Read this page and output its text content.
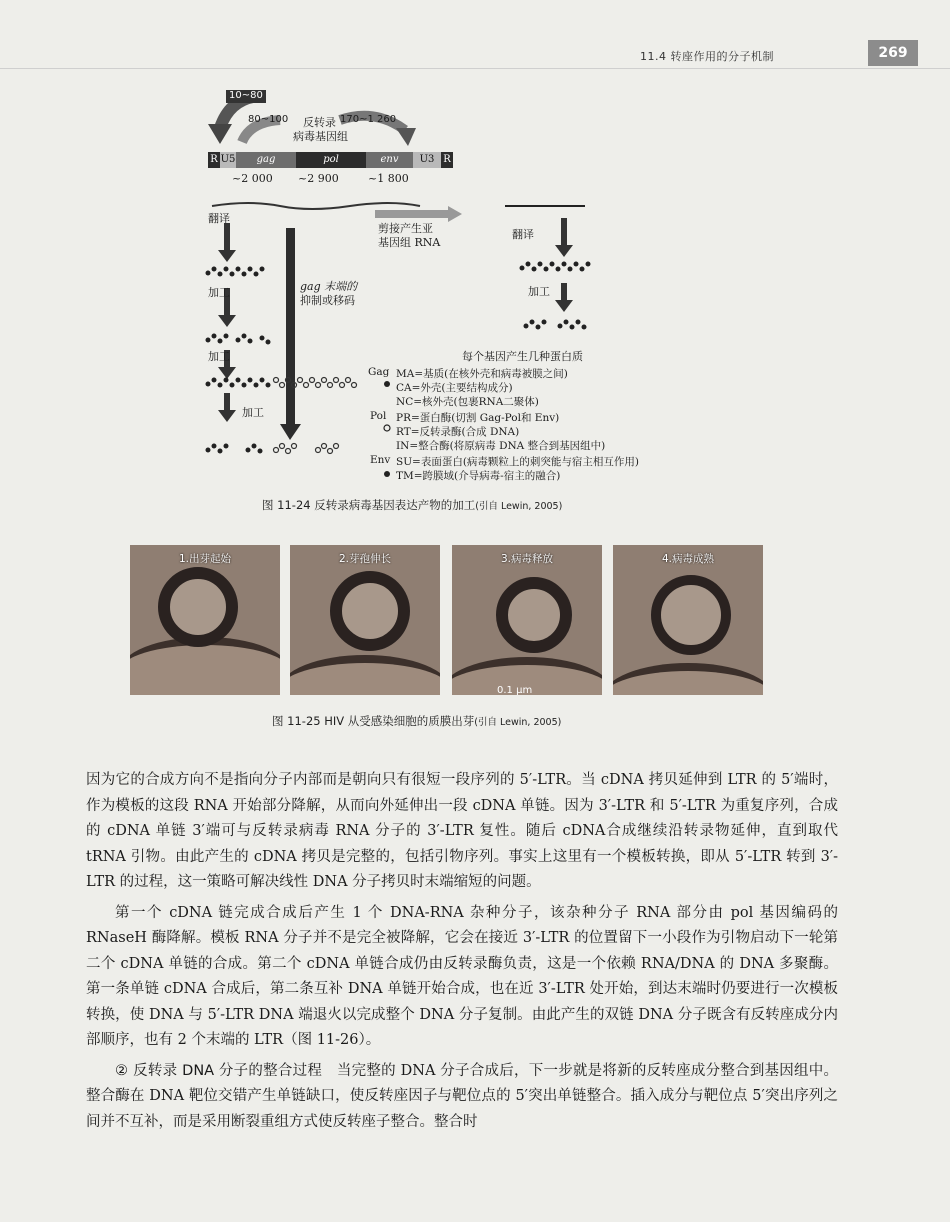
11.4 转座作用的分子机制	269
10~80
80~100	170~1 260
反转录
病毒基因组
R U5	gag	pol	env	U3 R
~2 000 ~2 900	~1 800
翻译
剪接产生亚
基因组 RNA
翻译
加工	gag 末端的
抑制或移码
加工
加工
加工
每个基因产生几种蛋白质
Gag MA=基质(在核外壳和病毒被膜之间)
CA=外壳(主要结构成分)
NC=核外壳(包裹RNA二聚体)
Pol PR=蛋白酶(切割 Gag-Pol和 Env)
RT=反转录酶(合成 DNA)
IN=整合酶(将原病毒 DNA 整合到基因组中)
Env SU=表面蛋白(病毒颗粒上的刺突能与宿主相互作用)
TM=跨膜域(介导病毒-宿主的融合)
图 11-24 反转录病毒基因表达产物的加工(引自 Lewin, 2005)
1.出芽起始	2.芽孢伸长	3.病毒释放	4.病毒成熟
0.1 μm
图 11-25 HIV 从受感染细胞的质膜出芽(引自 Lewin, 2005)

因为它的合成方向不是指向分子内部而是朝向只有很短一段序列的 5′-LTR。当 cDNA 拷贝延伸到 LTR 的 5′端时，作为模板的这段 RNA 开始部分降解，从而向外延伸出一段 cDNA 单链。因为 3′-LTR 和 5′-LTR 为重复序列，合成的 cDNA 单链 3′端可与反转录病毒 RNA 分子的 3′-LTR 复性。随后 cDNA合成继续沿转录物延伸，直到取代 tRNA 引物。由此产生的 cDNA 拷贝是完整的，包括引物序列。事实上这里有一个模板转换，即从 5′-LTR 转到 3′-LTR 的过程，这一策略可解决线性 DNA 分子拷贝时末端缩短的问题。

第一个 cDNA 链完成合成后产生 1 个 DNA-RNA 杂种分子，该杂种分子 RNA 部分由 pol 基因编码的 RNaseH 酶降解。模板 RNA 分子并不是完全被降解，它会在接近 3′-LTR 的位置留下一小段作为引物启动下一轮第二个 cDNA 单链的合成。第二个 cDNA 单链合成仍由反转录酶负责，这是一个依赖 RNA/DNA 的 DNA 多聚酶。第一条单链 cDNA 合成后，第二条互补 DNA 单链开始合成，也在近 3′-LTR 处开始，到达末端时仍要进行一次模板转换，使 DNA 与 5′-LTR DNA 端退火以完成整个 DNA 分子复制。由此产生的双链 DNA 分子既含有反转座成分内部顺序，也有 2 个末端的 LTR（图 11-26）。

② 反转录 DNA 分子的整合过程　 当完整的 DNA 分子合成后，下一步就是将新的反转座成分整合到基因组中。整合酶在 DNA 靶位交错产生单链缺口，使反转座因子与靶位点的 5′突出单链整合。插入成分与靶位点 5′突出序列之间并不互补，而是采用断裂重组方式使反转座子整合。整合时
